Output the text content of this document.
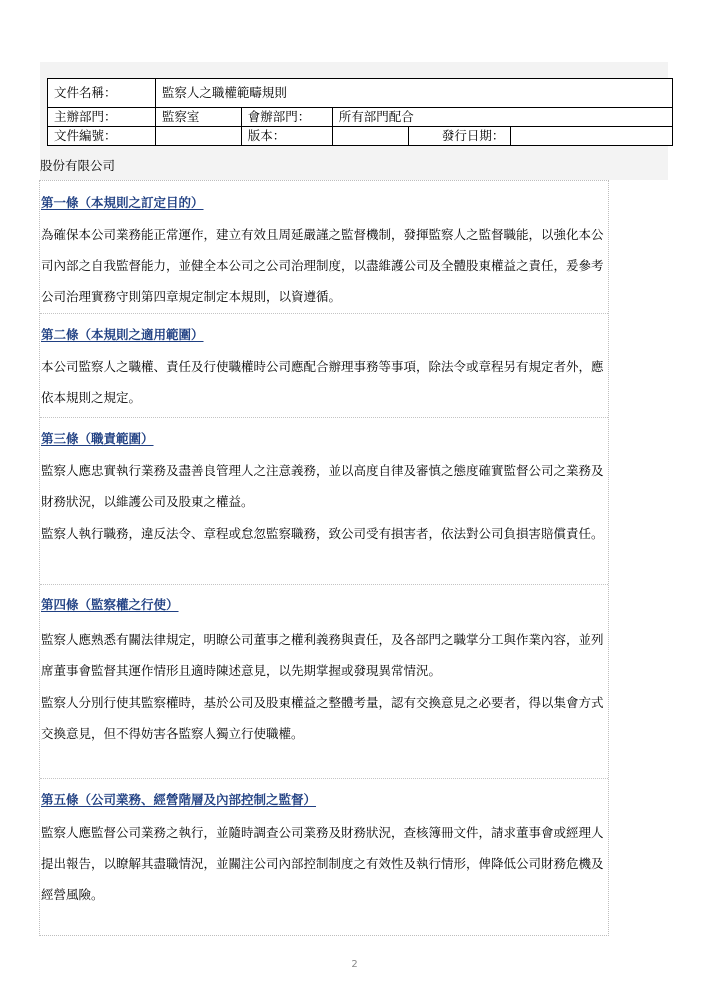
文件名稱：	監察人之職權範疇規則				
主辦部門：	監察室	會辦部門：	所有部門配合		
文件編號：		版本：		發行日期：	
股份有限公司
第一條（本規則之訂定目的）
為確保本公司業務能正常運作，建立有效且周延嚴謹之監督機制，發揮監察人之監督職能，以強化本公司內部之自我監督能力，並健全本公司之公司治理制度，以盡維護公司及全體股東權益之責任，爰參考公司治理實務守則第四章規定制定本規則，以資遵循。
第二條（本規則之適用範圍）
本公司監察人之職權、責任及行使職權時公司應配合辦理事務等事項，除法令或章程另有規定者外，應依本規則之規定。
第三條（職責範圍）
監察人應忠實執行業務及盡善良管理人之注意義務，並以高度自律及審慎之態度確實監督公司之業務及財務狀況，以維護公司及股東之權益。
監察人執行職務，違反法令、章程或怠忽監察職務，致公司受有損害者，依法對公司負損害賠償責任。
第四條（監察權之行使）
監察人應熟悉有關法律規定，明瞭公司董事之權利義務與責任，及各部門之職掌分工與作業內容，並列席董事會監督其運作情形且適時陳述意見，以先期掌握或發現異常情況。
監察人分別行使其監察權時，基於公司及股東權益之整體考量，認有交換意見之必要者，得以集會方式交換意見，但不得妨害各監察人獨立行使職權。
第五條（公司業務、經營階層及內部控制之監督）
監察人應監督公司業務之執行，並隨時調查公司業務及財務狀況，查核簿冊文件，請求董事會或經理人提出報告，以瞭解其盡職情況，並關注公司內部控制制度之有效性及執行情形，俾降低公司財務危機及經營風險。
2
